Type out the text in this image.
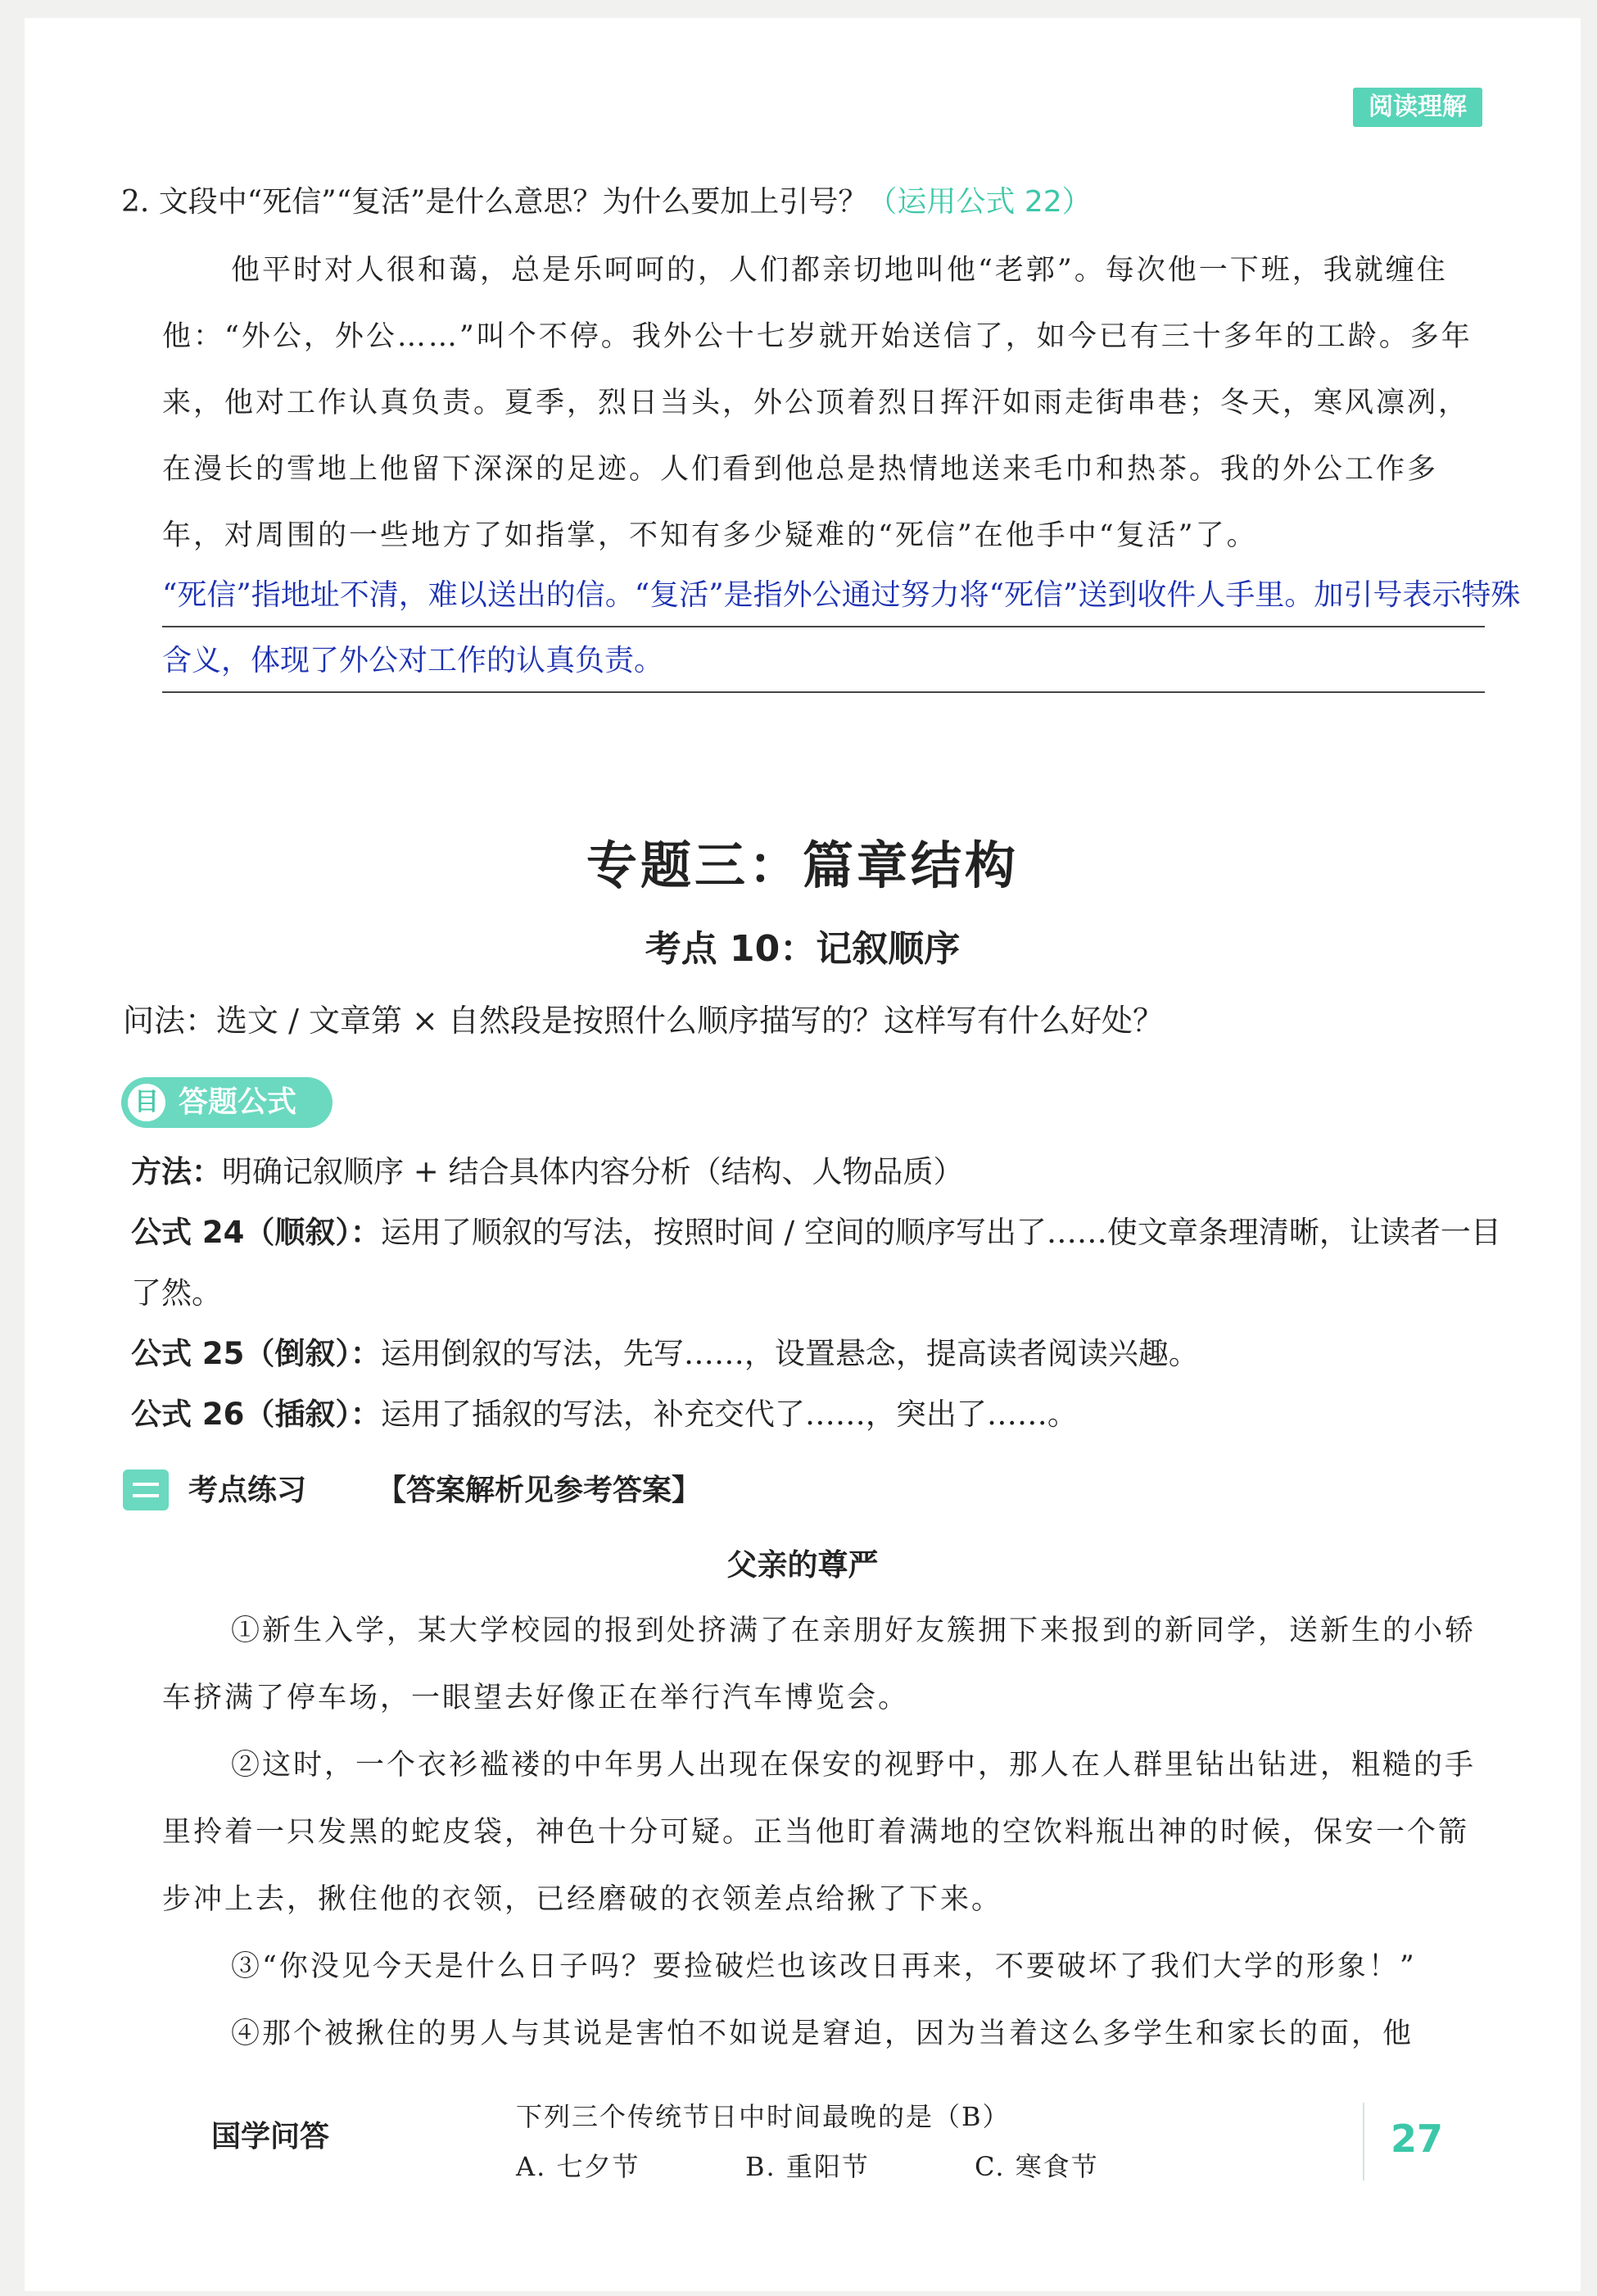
阅读理解
2. 文段中“死信”“复活”是什么意思？为什么要加上引号？（运用公式 22）
他平时对人很和蔼，总是乐呵呵的，人们都亲切地叫他“老郭”。每次他一下班，我就缠住他：“外公，外公……”叫个不停。我外公十七岁就开始送信了，如今已有三十多年的工龄。多年来，他对工作认真负责。夏季，烈日当头，外公顶着烈日挥汗如雨走街串巷；冬天，寒风凛冽，在漫长的雪地上他留下深深的足迹。人们看到他总是热情地送来毛巾和热茶。我的外公工作多年，对周围的一些地方了如指掌，不知有多少疑难的“死信”在他手中“复活”了。
“死信”指地址不清，难以送出的信。“复活”是指外公通过努力将“死信”送到收件人手里。加引号表示特殊含义，体现了外公对工作的认真负责。
专题三：篇章结构
考点 10：记叙顺序
问法：选文 / 文章第 × 自然段是按照什么顺序描写的？这样写有什么好处？
目 答题公式
方法：明确记叙顺序 + 结合具体内容分析（结构、人物品质）
公式 24（顺叙）：运用了顺叙的写法，按照时间 / 空间的顺序写出了……使文章条理清晰，让读者一目了然。
公式 25（倒叙）：运用倒叙的写法，先写……，设置悬念，提高读者阅读兴趣。
公式 26（插叙）：运用了插叙的写法，补充交代了……，突出了……。
考点练习 【答案解析见参考答案】
父亲的尊严

①新生入学，某大学校园的报到处挤满了在亲朋好友簇拥下来报到的新同学，送新生的小轿车挤满了停车场，一眼望去好像正在举行汽车博览会。

②这时，一个衣衫褴褛的中年男人出现在保安的视野中，那人在人群里钻出钻进，粗糙的手里拎着一只发黑的蛇皮袋，神色十分可疑。正当他盯着满地的空饮料瓶出神的时候，保安一个箭步冲上去，揪住他的衣领，已经磨破的衣领差点给揪了下来。

③“你没见今天是什么日子吗？要捡破烂也该改日再来，不要破坏了我们大学的形象！”

④那个被揪住的男人与其说是害怕不如说是窘迫，因为当着这么多学生和家长的面，他

国学问答
下列三个传统节日中时间最晚的是（B）
A. 七夕节	B. 重阳节	C. 寒食节
27
